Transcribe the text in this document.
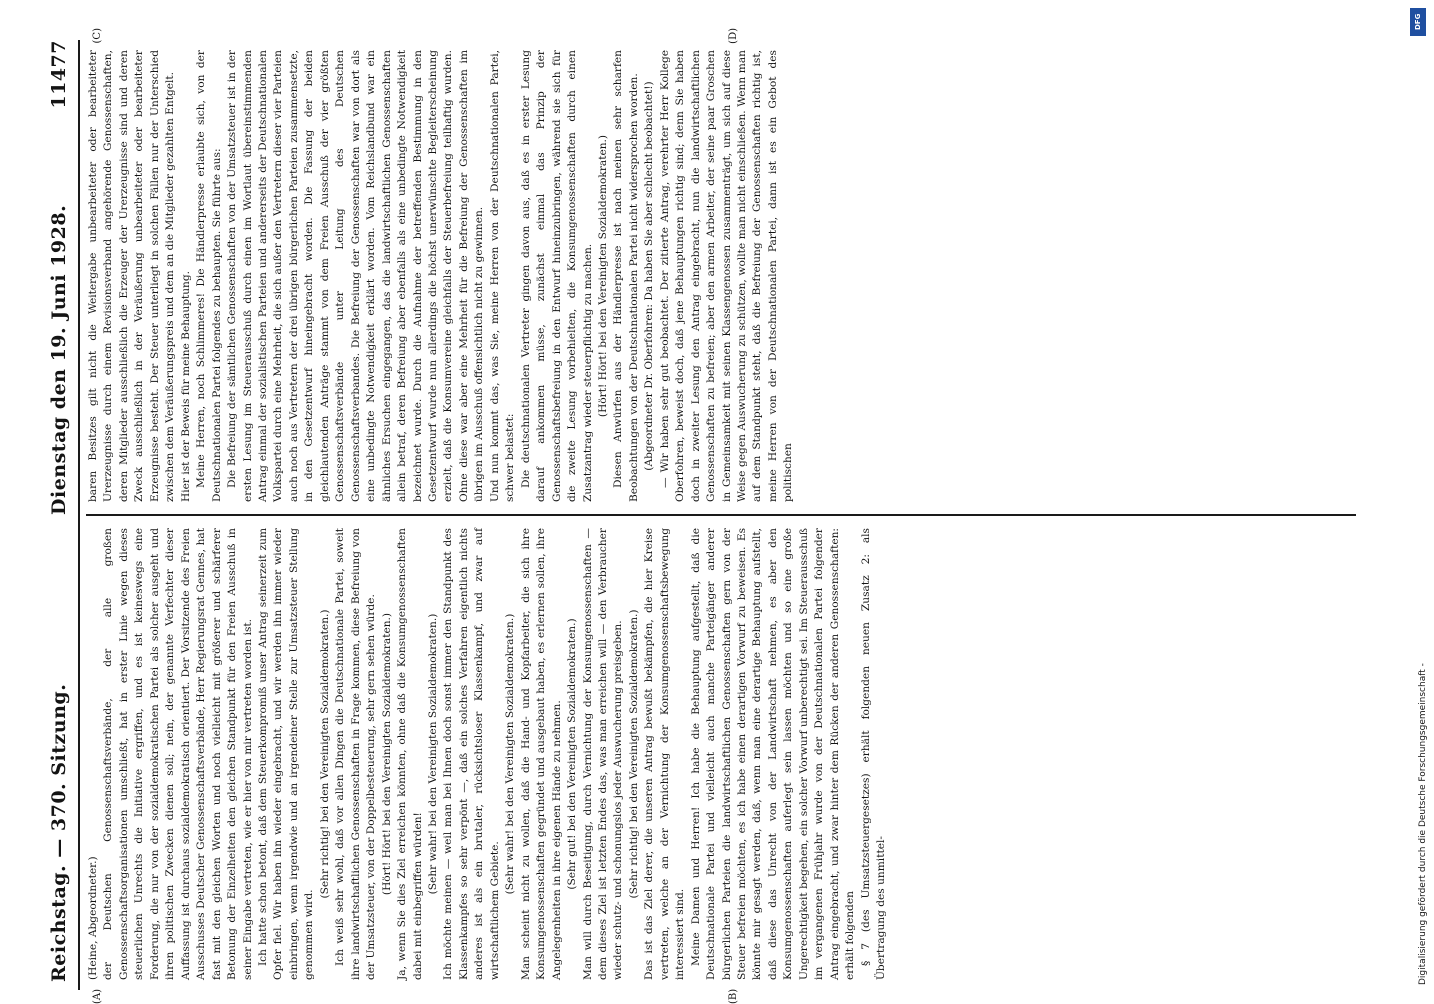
Reichstag. — 370. Sitzung.
Dienstag den 19. Juni 1928.
11477
(A)	(B)

(Heine, Abgeordneter.) der Deutschen Genossenschaftsverbände, der alle großen Genossenschaftsorganisationen umschließt, hat in erster Linie wegen dieses steuerlichen Unrechts die Initiative ergriffen, und es ist keineswegs eine Forderung, die nur von der sozialdemokratischen Partei als solcher ausgeht und ihren politischen Zwecken dienen soll; nein, der genannte Verfechter dieser Auffassung ist durchaus sozialdemokratisch orientiert. Der Vorsitzende des Freien Ausschusses Deutscher Genossenschaftsverbände, Herr Regierungsrat Gennes, hat fast mit den gleichen Worten und noch vielleicht mit größerer und schärferer Betonung der Einzelheiten den gleichen Standpunkt für den Freien Ausschuß in seiner Eingabe vertreten, wie er hier von mir vertreten worden ist. Ich hatte schon betont, daß dem Steuerkompromiß unser Antrag seinerzeit zum Opfer fiel. Wir haben ihn wieder eingebracht, und wir werden ihn immer wieder einbringen, wenn irgendwie und an irgendeiner Stelle zur Umsatzsteuer Stellung genommen wird.

(Sehr richtig! bei den Vereinigten Sozialdemokraten.) Ich weiß sehr wohl, daß vor allen Dingen die Deutschnationale Partei, soweit ihre landwirtschaftlichen Genossenschaften in Frage kommen, diese Befreiung von der Umsatzsteuer, von der Doppelbesteuerung, sehr gern sehen würde. (Hört! Hört! bei den Vereinigten Sozialdemokraten.) Ja, wenn Sie dies Ziel erreichen könnten, ohne daß die Konsumgenossenschaften dabei mit einbegriffen würden!

(Sehr wahr! bei den Vereinigten Sozialdemokraten.) Ich möchte meinen — weil man bei Ihnen doch sonst immer den Standpunkt des Klassenkampfes so sehr verpönt —, daß ein solches Verfahren eigentlich nichts anderes ist als ein brutaler, rücksichtsloser Klassenkampf, und zwar auf wirtschaftlichem Gebiete.

(Sehr wahr! bei den Vereinigten Sozialdemokraten.) Man scheint nicht zu wollen, daß die Hand- und Kopfarbeiter, die sich ihre Konsumgenossenschaften gegründet und ausgebaut haben, es erlernen sollen, ihre Angelegenheiten in ihre eigenen Hände zu nehmen. (Sehr gut! bei den Vereinigten Sozialdemokraten.) Man will durch Beseitigung, durch Vernichtung der Konsumgenossenschaften — dem dieses Ziel ist letzten Endes das, was man erreichen will — den Verbraucher wieder schutz- und schonungslos jeder Auswucherung preisgeben. (Sehr richtig! bei den Vereinigten Sozialdemokraten.) Das ist das Ziel derer, die unseren Antrag bewußt bekämpfen, die hier Kreise vertreten, welche an der Vernichtung der Konsumgenossenschaftsbewegung interessiert sind. Meine Damen und Herren! Ich habe die Behauptung aufgestellt, daß die Deutschnationale Partei und vielleicht auch manche Parteigänger anderer bürgerlichen Parteien die landwirtschaftlichen Genossenschaften gern von der Steuer befreien möchten, es ich habe einen derartigen Vorwurf zu beweisen. Es könnte mir gesagt werden, daß, wenn man eine derartige Behauptung aufstellt, daß diese das Unrecht von der Landwirtschaft nehmen, es aber den Konsumgenossenschaften auferlegt sein lassen möchten und so eine große Ungerechtigkeit begehen, ein solcher Vorwurf unberechtigt sei. Im Steuerausschuß im vergangenen Frühjahr wurde von der Deutschnationalen Partei folgender Antrag eingebracht, und zwar hinter dem Rücken der anderen Genossenschaften: erhält folgenden § 7 (des Umsatzsteuergesetzes) erhält folgenden neuen Zusatz 2: als Übertragung des unmittel-

(C)	(D)

baren Besitzes gilt nicht die Weitergabe unbearbeiteter oder bearbeiteter Urerzeugnisse durch einem Revisionsverband angehörende Genossenschaften, deren Mitglieder ausschließlich die Erzeuger der Urerzeugnisse sind und deren Zweck ausschließlich in der Veräußerung unbearbeiteter oder bearbeiteter Erzeugnisse besteht. Der Steuer unterliegt in solchen Fällen nur der Unterschied zwischen dem Veräußerungspreis und dem an die Mitglieder gezahlten Entgelt. Hier ist der Beweis für meine Behauptung. Meine Herren, noch Schlimmeres! Die Händlerpresse erlaubte sich, von der Deutschnationalen Partei folgendes zu behaupten. Sie führte aus: Die Befreiung der sämtlichen Genossenschaften von der Umsatzsteuer ist in der ersten Lesung im Steuerausschuß durch einen im Wortlaut übereinstimmenden Antrag einmal der sozialistischen Parteien und andererseits der Deutschnationalen Volkspartei durch eine Mehrheit, die sich außer den Vertretern dieser vier Parteien auch noch aus Vertretern der drei übrigen bürgerlichen Parteien zusammensetzte, in den Gesetzentwurf hineingebracht worden. Die Fassung der beiden gleichlautenden Anträge stammt von dem Freien Ausschuß der vier größten Genossenschaftsverbände unter Leitung des Deutschen Genossenschaftsverbandes. Die Befreiung der Genossenschaften war von dort als eine unbedingte Notwendigkeit erklärt worden. Vom Reichslandbund war ein ähnliches Ersuchen eingegangen, das die landwirtschaftlichen Genossenschaften allein betraf, deren Befreiung aber ebenfalls als eine unbedingte Notwendigkeit bezeichnet wurde. Durch die Aufnahme der betreffenden Bestimmung in den Gesetzentwurf wurde nun allerdings die höchst unerwünschte Begleiterscheinung erzielt, daß die Konsumvereine gleichfalls der Steuerbefreiung teilhaftig wurden. Ohne diese war aber eine Mehrheit für die Befreiung der Genossenschaften im übrigen im Ausschuß offensichtlich nicht zu gewinnen. Und nun kommt das, was Sie, meine Herren von der Deutschnationalen Partei, schwer belastet: Die deutschnationalen Vertreter gingen davon aus, daß es in erster Lesung darauf ankommen müsse, zunächst einmal das Prinzip der Genossenschaftsbefreiung in den Entwurf hineinzubringen, während sie sich für die zweite Lesung vorbehielten, die Konsumgenossenschaften durch einen Zusatzantrag wieder steuerpflichtig zu machen. (Hört! Hört! bei den Vereinigten Sozialdemokraten.) Diesen Anwürfen aus der Händlerpresse ist nach meinen sehr scharfen Beobachtungen von der Deutschnationalen Partei nicht widersprochen worden. (Abgeordneter Dr. Oberfohren: Da haben Sie aber schlecht beobachtet!) — Wir haben sehr gut beobachtet. Der zitierte Antrag, verehrter Herr Kollege Oberfohren, beweist doch, daß jene Behauptungen richtig sind; denn Sie haben doch in zweiter Lesung den Antrag eingebracht, nun die landwirtschaftlichen Genossenschaften zu befreien; aber den armen Arbeiter, der seine paar Groschen in Gemeinsamkeit mit seinen Klassengenossen zusammenträgt, um sich auf diese Weise gegen Auswucherung zu schützen, wollte man nicht einschließen. Wenn man auf dem Standpunkt steht, daß die Befreiung der Genossenschaften richtig ist, meine Herren von der Deutschnationalen Partei, dann ist es ein Gebot des politischen

Digitalisierung gefördert durch die Deutsche Forschungsgemeinschaft -
DFG
